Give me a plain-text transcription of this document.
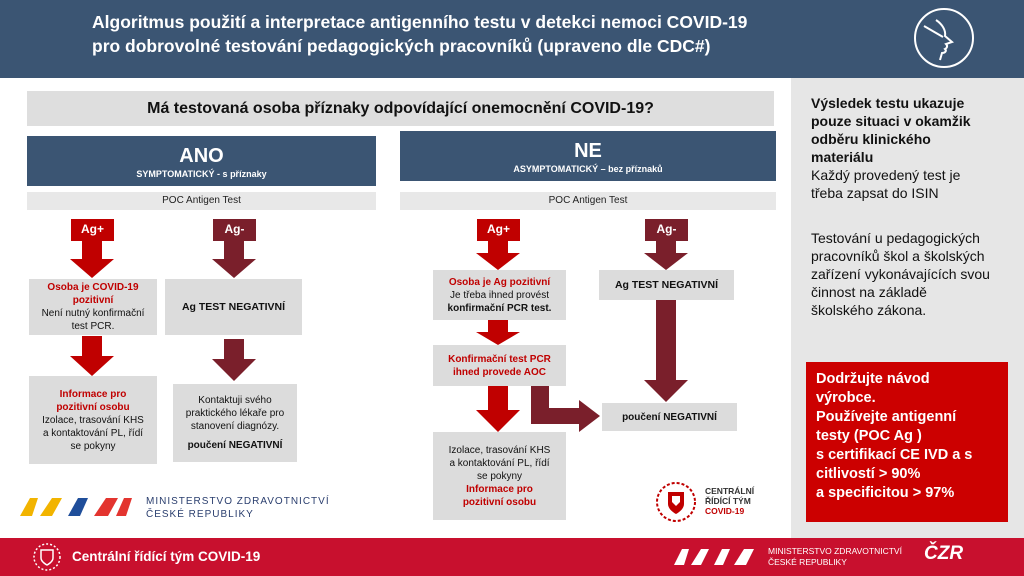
Algoritmus použití a interpretace antigenního testu v detekci nemoci COVID-19
pro dobrovolné testování pedagogických pracovníků (upraveno dle CDC#)
Výsledek testu ukazuje
pouze situaci v okamžik
odběru klinického
materiálu
Každý provedený test je
třeba zapsat do ISIN
Testování u pedagogických
pracovníků škol a školských
zařízení vykonávajících svou
činnost na základě
školského zákona.
Dodržujte návod
výrobce.
Používejte antigenní
testy (POC Ag )
s certifikací CE IVD a s
citlivostí > 90%
a specificitou > 97%
Má testovaná osoba příznaky odpovídající onemocnění COVID-19?
ANO
SYMPTOMATICKÝ - s příznaky
POC Antigen Test
Ag+	Ag-
Osoba je COVID-19
pozitivní
Není nutný konfirmační
test PCR.
Ag TEST NEGATIVNÍ
Informace pro
pozitivní osobu
Izolace, trasování KHS
a kontaktování PL, řídí
se pokyny
Kontaktuji svého
praktického lékaře pro
stanovení diagnózy.
poučení NEGATIVNÍ
NE
ASYMPTOMATICKÝ – bez příznaků
POC Antigen Test
Ag+	Ag-
Osoba je Ag pozitivní
Je třeba ihned provést
konfirmační PCR test.
Ag TEST NEGATIVNÍ
Konfirmační test PCR
ihned provede AOC
poučení NEGATIVNÍ
Izolace, trasování KHS
a kontaktování PL, řídí
se pokyny
Informace pro
pozitivní osobu
MINISTERSTVO ZDRAVOTNICTVÍ
ČESKÉ REPUBLIKY
CENTRÁLNÍ
ŘÍDÍCÍ TÝM
COVID-19
Centrální řídící tým COVID-19	MINISTERSTVO ZDRAVOTNICTVÍ
ČESKÉ REPUBLIKY	ČZR
